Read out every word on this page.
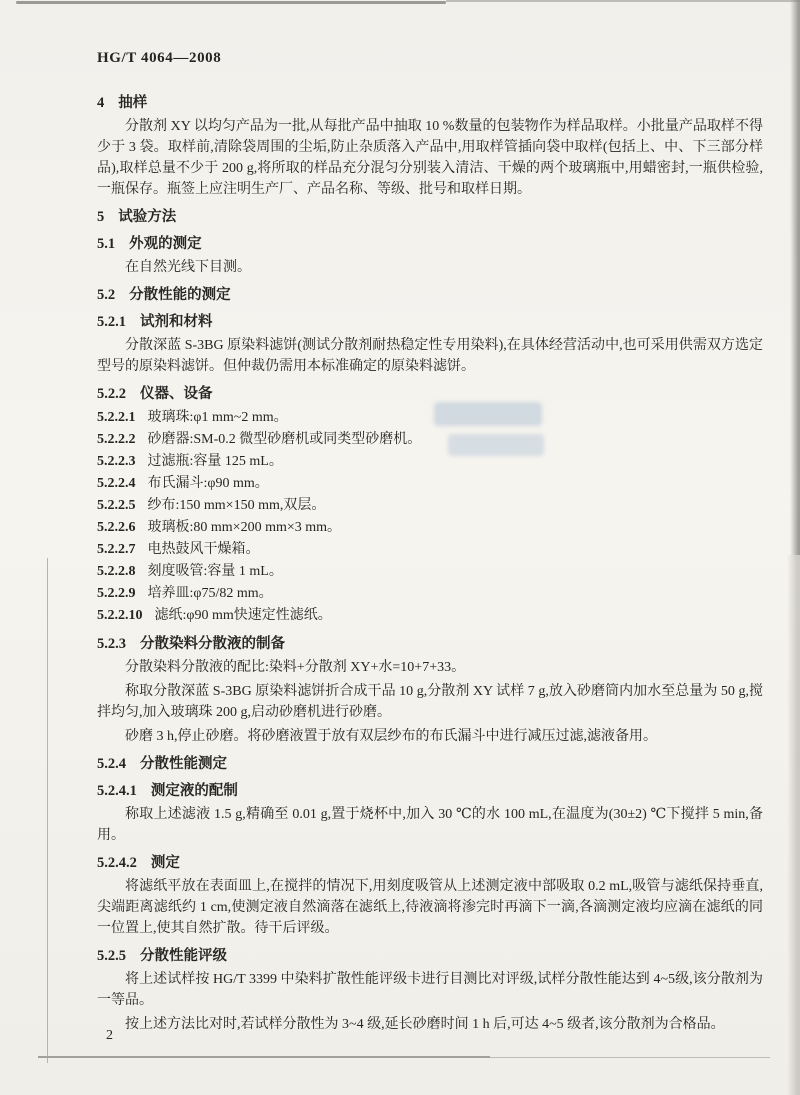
HG/T 4064—2008
4 抽样
分散剂 XY 以均匀产品为一批,从每批产品中抽取 10 %数量的包装物作为样品取样。小批量产品取样不得少于 3 袋。取样前,清除袋周围的尘垢,防止杂质落入产品中,用取样管插向袋中取样(包括上、中、下三部分样品),取样总量不少于 200 g,将所取的样品充分混匀分别装入清洁、干燥的两个玻璃瓶中,用蜡密封,一瓶供检验,一瓶保存。瓶签上应注明生产厂、产品名称、等级、批号和取样日期。
5 试验方法
5.1 外观的测定
在自然光线下目测。
5.2 分散性能的测定
5.2.1 试剂和材料
分散深蓝 S-3BG 原染料滤饼(测试分散剂耐热稳定性专用染料),在具体经营活动中,也可采用供需双方选定型号的原染料滤饼。但仲裁仍需用本标准确定的原染料滤饼。
5.2.2 仪器、设备
5.2.2.1 玻璃珠:φ1 mm~2 mm。
5.2.2.2 砂磨器:SM-0.2 微型砂磨机或同类型砂磨机。
5.2.2.3 过滤瓶:容量 125 mL。
5.2.2.4 布氏漏斗:φ90 mm。
5.2.2.5 纱布:150 mm×150 mm,双层。
5.2.2.6 玻璃板:80 mm×200 mm×3 mm。
5.2.2.7 电热鼓风干燥箱。
5.2.2.8 刻度吸管:容量 1 mL。
5.2.2.9 培养皿:φ75/82 mm。
5.2.2.10 滤纸:φ90 mm快速定性滤纸。
5.2.3 分散染料分散液的制备
分散染料分散液的配比:染料+分散剂 XY+水=10+7+33。
称取分散深蓝 S-3BG 原染料滤饼折合成干品 10 g,分散剂 XY 试样 7 g,放入砂磨筒内加水至总量为 50 g,搅拌均匀,加入玻璃珠 200 g,启动砂磨机进行砂磨。
砂磨 3 h,停止砂磨。将砂磨液置于放有双层纱布的布氏漏斗中进行减压过滤,滤液备用。
5.2.4 分散性能测定
5.2.4.1 测定液的配制
称取上述滤液 1.5 g,精确至 0.01 g,置于烧杯中,加入 30 ℃的水 100 mL,在温度为(30±2) ℃下搅拌 5 min,备用。
5.2.4.2 测定
将滤纸平放在表面皿上,在搅拌的情况下,用刻度吸管从上述测定液中部吸取 0.2 mL,吸管与滤纸保持垂直,尖端距离滤纸约 1 cm,使测定液自然滴落在滤纸上,待液滴将渗完时再滴下一滴,各滴测定液均应滴在滤纸的同一位置上,使其自然扩散。待干后评级。
5.2.5 分散性能评级
将上述试样按 HG/T 3399 中染料扩散性能评级卡进行目测比对评级,试样分散性能达到 4~5级,该分散剂为一等品。
按上述方法比对时,若试样分散性为 3~4 级,延长砂磨时间 1 h 后,可达 4~5 级者,该分散剂为合格品。
2
